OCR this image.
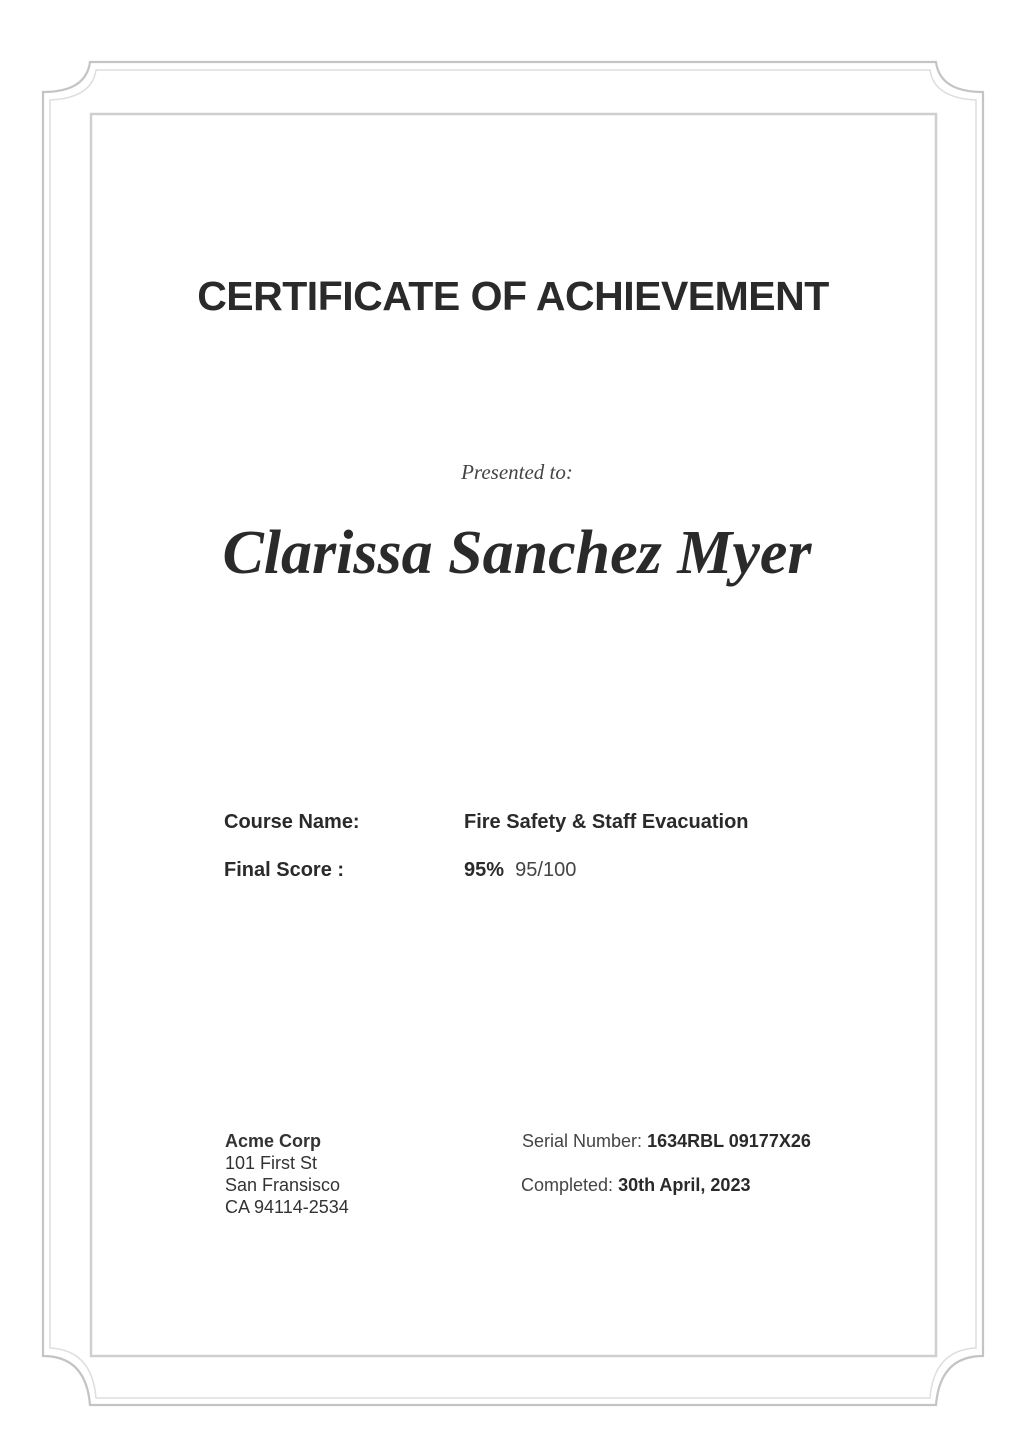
CERTIFICATE OF ACHIEVEMENT
Presented to:
Clarissa Sanchez Myer
Course Name:	Fire Safety & Staff Evacuation
Final Score :	95% 95/100
Acme Corp
101 First St
San Fransisco
CA 94114-2534
Serial Number: 1634RBL 09177X26
Completed: 30th April, 2023
